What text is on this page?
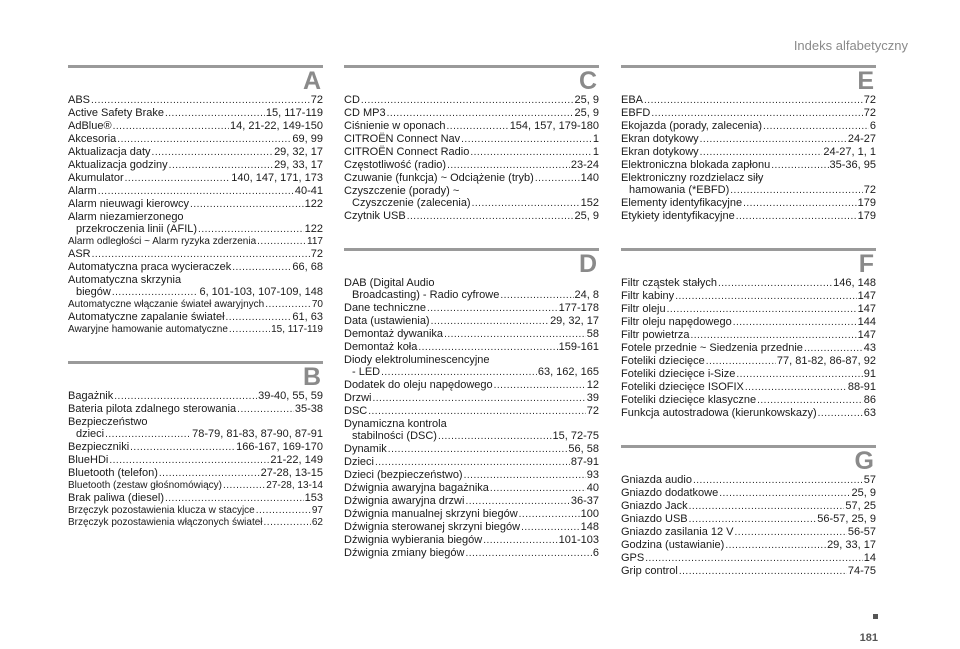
Indeks alfabetyczny
A
ABS .....	72
Active Safety Brake .....	15, 117-119
AdBlue® .....	14, 21-22, 149-150
Akcesoria .....	69, 99
Aktualizacja daty .....	29, 32, 17
Aktualizacja godziny .....	29, 33, 17
Akumulator .....	140, 147, 171, 173
Alarm .....	40-41
Alarm nieuwagi kierowcy .....	122
Alarm niezamierzonego
przekroczenia linii (AFIL) .....	122
Alarm odległości ~ Alarm ryzyka zderzenia .....	117
ASR .....	72
Automatyczna praca wycieraczek .....	66, 68
Automatyczna skrzynia
biegów .....	6, 101-103, 107-109, 148
Automatyczne włączanie świateł awaryjnych .....	70
Automatyczne zapalanie świateł .....	61, 63
Awaryjne hamowanie automatyczne .....	15, 117-119
B
Bagażnik .....	39-40, 55, 59
Bateria pilota zdalnego sterowania .....	35-38
Bezpieczeństwo
dzieci .....	78-79, 81-83, 87-90, 87-91
Bezpieczniki .....	166-167, 169-170
BlueHDi .....	21-22, 149
Bluetooth (telefon) .....	27-28, 13-15
Bluetooth (zestaw głośnomówiący) .....	27-28, 13-14
Brak paliwa (diesel) .....	153
Brzęczyk pozostawienia klucza w stacyjce .....	97
Brzęczyk pozostawienia włączonych świateł .....	62
C
CD .....	25, 9
CD MP3 .....	25, 9
Ciśnienie w oponach .....	154, 157, 179-180
CITROËN Connect Nav .....	1
CITROËN Connect Radio .....	1
Częstotliwość (radio) .....	23-24
Czuwanie (funkcja) ~ Odciążenie (tryb) .....	140
Czyszczenie (porady) ~
Czyszczenie (zalecenia) .....	152
Czytnik USB .....	25, 9
D
DAB (Digital Audio
Broadcasting) - Radio cyfrowe .....	24, 8
Dane techniczne .....	177-178
Data (ustawienia) .....	29, 32, 17
Demontaż dywanika .....	58
Demontaż koła .....	159-161
Diody elektroluminescencyjne
- LED .....	63, 162, 165
Dodatek do oleju napędowego .....	12
Drzwi .....	39
DSC .....	72
Dynamiczna kontrola
stabilności (DSC) .....	15, 72-75
Dynamik .....	56, 58
Dzieci .....	87-91
Dzieci (bezpieczeństwo) .....	93
Dźwignia awaryjna bagażnika .....	40
Dźwignia awaryjna drzwi .....	36-37
Dźwignia manualnej skrzyni biegów .....	100
Dźwignia sterowanej skrzyni biegów .....	148
Dźwignia wybierania biegów .....	101-103
Dźwignia zmiany biegów .....	6
E
EBA .....	72
EBFD .....	72
Ekojazda (porady, zalecenia) .....	6
Ekran dotykowy .....	24-27
Ekran dotykowy .....	24-27, 1, 1
Elektroniczna blokada zapłonu .....	35-36, 95
Elektroniczny rozdzielacz siły
hamowania (*EBFD) .....	72
Elementy identyfikacyjne .....	179
Etykiety identyfikacyjne .....	179
F
Filtr cząstek stałych .....	146, 148
Filtr kabiny .....	147
Filtr oleju .....	147
Filtr oleju napędowego .....	144
Filtr powietrza .....	147
Fotele przednie ~ Siedzenia przednie .....	43
Foteliki dziecięce .....	77, 81-82, 86-87, 92
Foteliki dziecięce i-Size .....	91
Foteliki dziecięce ISOFIX .....	88-91
Foteliki dziecięce klasyczne .....	86
Funkcja autostradowa (kierunkowskazy) .....	63
G
Gniazda audio .....	57
Gniazdo dodatkowe .....	25, 9
Gniazdo Jack .....	57, 25
Gniazdo USB .....	56-57, 25, 9
Gniazdo zasilania 12 V .....	56-57
Godzina (ustawianie) .....	29, 33, 17
GPS .....	14
Grip control .....	74-75
181
